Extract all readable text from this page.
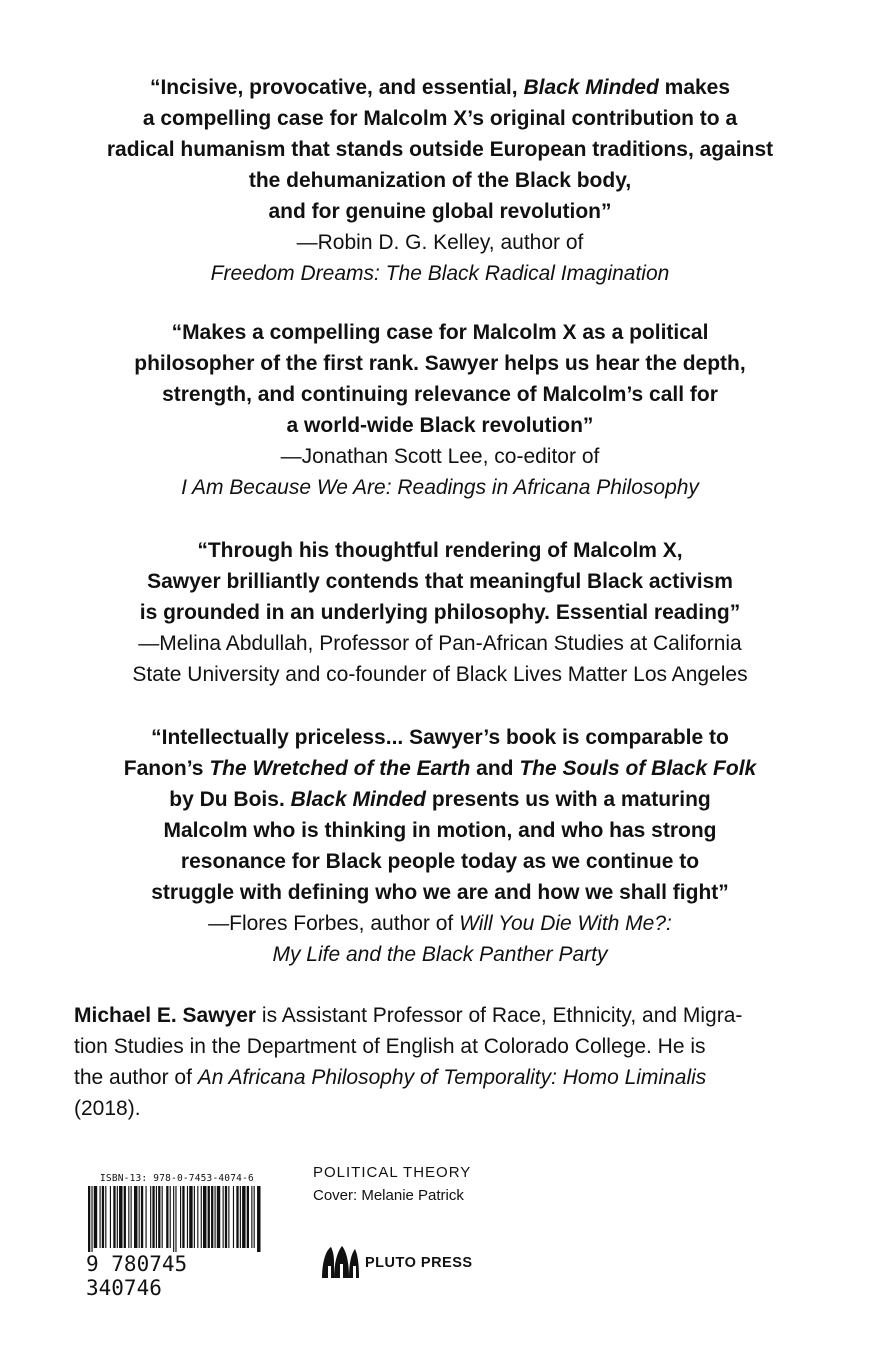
“Incisive, provocative, and essential, Black Minded makes
a compelling case for Malcolm X’s original contribution to a
radical humanism that stands outside European traditions, against
the dehumanization of the Black body,
and for genuine global revolution”
—Robin D. G. Kelley, author of
Freedom Dreams: The Black Radical Imagination
“Makes a compelling case for Malcolm X as a political
philosopher of the first rank. Sawyer helps us hear the depth,
strength, and continuing relevance of Malcolm’s call for
a world-wide Black revolution”
—Jonathan Scott Lee, co-editor of
I Am Because We Are: Readings in Africana Philosophy
“Through his thoughtful rendering of Malcolm X,
Sawyer brilliantly contends that meaningful Black activism
is grounded in an underlying philosophy. Essential reading”
—Melina Abdullah, Professor of Pan-African Studies at California
State University and co-founder of Black Lives Matter Los Angeles
“Intellectually priceless... Sawyer’s book is comparable to
Fanon’s The Wretched of the Earth and The Souls of Black Folk
by Du Bois. Black Minded presents us with a maturing
Malcolm who is thinking in motion, and who has strong
resonance for Black people today as we continue to
struggle with defining who we are and how we shall fight”
—Flores Forbes, author of Will You Die With Me?:
My Life and the Black Panther Party
Michael E. Sawyer is Assistant Professor of Race, Ethnicity, and Migra-
tion Studies in the Department of English at Colorado College. He is
the author of An Africana Philosophy of Temporality: Homo Liminalis
(2018).
ISBN-13: 978-0-7453-4074-6
9 780745 340746
POLITICAL THEORY
Cover: Melanie Patrick
PLUTO PRESS
